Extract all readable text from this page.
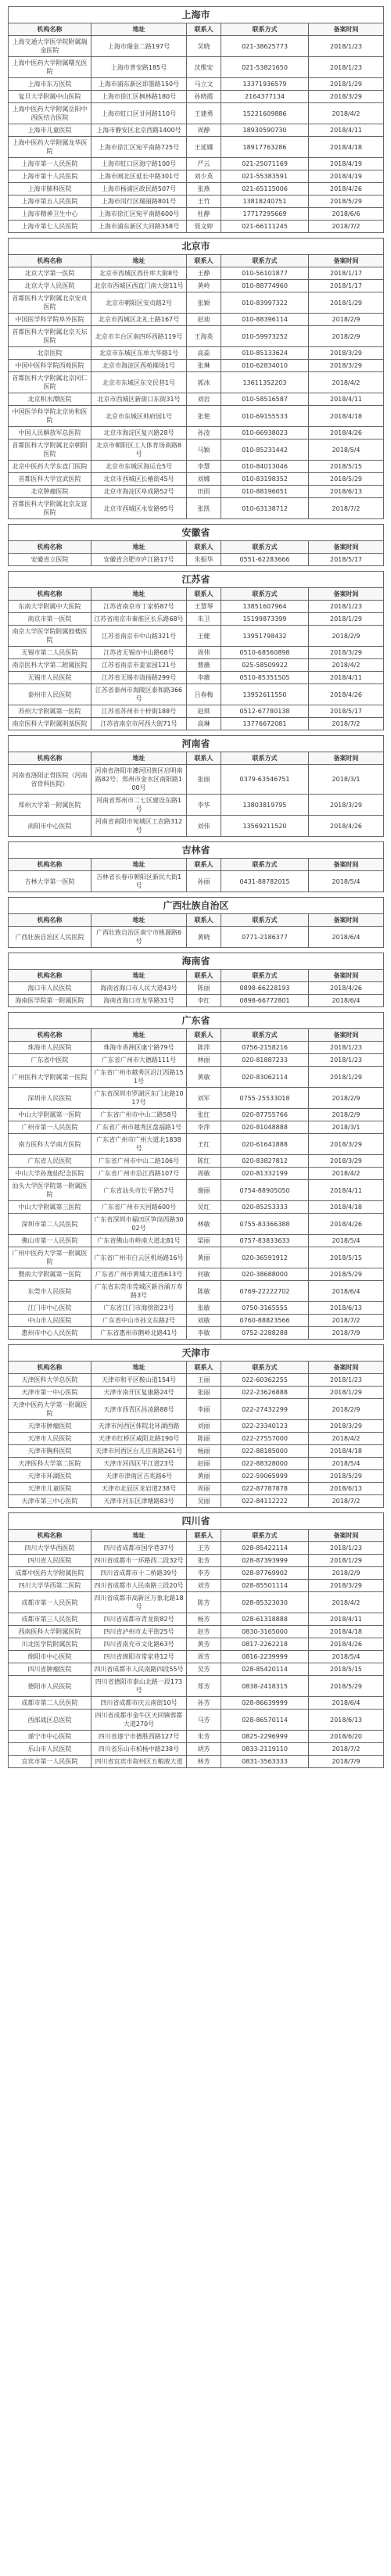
上海市				
机构名称	地址	联系人	联系方式	备案时间
上海交通大学医学院附属瑞金医院	上海市瑞金二路197号	吴晓	021-38625773	2018/1/23
上海中医药大学附属曙光医院	上海市普安路185号	沈维安	021-53821650	2018/1/23
上海市东方医院	上海市浦东新区即墨路150号	马立文	13371936579	2018/1/29
复旦大学附属中山医院	上海市徐汇区枫林路180号	孙晓霞	2164377134	2018/3/29
上海中医药大学附属岳阳中西医结合医院	上海市虹口区甘河路110号	王建勇	15221609886	2018/4/2
上海市儿童医院	上海市静安区北京西路1400号	周静	18930590730	2018/4/11
上海中医药大学附属龙华医院	上海市徐汇区宛平南路725号	王延娜	18917763286	2018/4/18
上海市第一人民医院	上海市虹口区海宁路100号	严云	021-25071169	2018/4/19
上海市第十人民医院	上海市闸北区延长中路301号	刘少英	021-55383591	2018/4/19
上海市肺科医院	上海市杨浦区政民路507号	张燕	021-65115006	2018/4/26
上海市第五人民医院	上海市闵行区瑞丽路801号	王竹	13818240751	2018/5/29
上海市精神卫生中心	上海市徐汇区宛平南路600号	杜静	17717295669	2018/6/6
上海市第七人民医院	上海市浦东新区大同路358号	聂文婷	021-66111245	2018/7/2
北京市				
机构名称	地址	联系人	联系方式	备案时间
北京大学第一医院	北京市西城区西什库大街8号	王静	010-56101877	2018/1/17
北京大学人民医院	北京市西城区西直门南大街11号	黄岭	010-88774960	2018/1/17
首都医科大学附属北京安贞医院	北京市朝阳区安贞路2号	张颖	010-83997322	2018/1/29
中国医学科学院阜外医院	北京市西城区北礼士路167号	赵迪	010-88396114	2018/2/9
首都医科大学附属北京天坛医院	北京市丰台区南四环西路119号	王海英	010-59973252	2018/2/9
北京医院	北京市东城区东单大华路1号	高蕊	010-85133624	2018/3/29
中国中医科学院西苑医院	北京市海淀区西苑操场1号	张琳	010-62834010	2018/3/29
首都医科大学附属北京同仁医院	北京市东城区东交民巷1号	郭冰	13611352203	2018/4/2
北京积水潭医院	北京市西城区新街口东街31号	刘岩	010-58516587	2018/4/11
中国医学科学院北京协和医院	北京市东城区帅府园1号	张艳	010-69155533	2018/4/18
中国人民解放军总医院	北京市海淀区复兴路28号	孙凌	010-66938023	2018/4/26
首都医科大学附属北京朝阳医院	北京市朝阳区工人体育场南路8号	马颖	010-85231442	2018/5/4
北京中医药大学东直门医院	北京市东城区海运仓5号	李慧	010-84013046	2018/5/15
首都医科大学宣武医院	北京市西城区长椿街45号	刘娜	010-83198352	2018/5/29
北京肿瘤医院	北京市海淀区阜成路52号	田雨	010-88196051	2018/6/13
首都医科大学附属北京友谊医院	北京市西城区永安路95号	张凯	010-63138712	2018/7/2
安徽省				
机构名称	地址	联系人	联系方式	备案时间
安徽省立医院	安徽省合肥市庐江路17号	朱振华	0551-62283666	2018/5/17
江苏省				
机构名称	地址	联系人	联系方式	备案时间
东南大学附属中大医院	江苏省南京市丁家桥87号	王慧琴	13851607964	2018/1/23
南京市第一医院	江苏省南京市秦淮区长乐路68号	朱卫	15199873399	2018/1/29
南京大学医学院附属鼓楼医院	江苏省南京市中山路321号	王健	13951798432	2018/2/9
无锡市第二人民医院	江苏省无锡市中山路68号	周伟	0510-68560898	2018/3/29
南京医科大学第二附属医院	江苏省南京市姜家园121号	曹薇	025-58509922	2018/4/2
无锡市人民医院	江苏省无锡市清扬路299号	李薇	0510-85351505	2018/4/11
泰州市人民医院	江苏省泰州市海陵区泰和路366号	吕春梅	13952611550	2018/4/26
苏州大学附属第一医院	江苏省苏州市十梓街188号	赵琪	0512-67780138	2018/5/17
南京医科大学附属明基医院	江苏省南京市河西大街71号	高琳	13776672081	2018/7/2
河南省				
机构名称	地址	联系人	联系方式	备案时间
河南省洛阳正骨医院（河南省骨科医院）	河南省洛阳市瀍河回族区启明南路82号；郑州市金水区南阳路100号	张丽	0379-63546751	2018/3/1
郑州大学第一附属医院	河南省郑州市二七区建设东路1号	李华	13803819795	2018/3/29
南阳市中心医院	河南省南阳市宛城区工农路312号	刘伟	13569211520	2018/4/26
吉林省				
机构名称	地址	联系人	联系方式	备案时间
吉林大学第一医院	吉林省长春市朝阳区新民大街1号	孙丽	0431-88782015	2018/5/4
广西壮族自治区				
机构名称	地址	联系人	联系方式	备案时间
广西壮族自治区人民医院	广西壮族自治区南宁市桃源路6号	黄晓	0771-2186377	2018/6/4
海南省				
机构名称	地址	联系人	联系方式	备案时间
海口市人民医院	海南省海口市人民大道43号	陈丽	0898-66228193	2018/4/26
海南医学院第一附属医院	海南省海口市龙华路31号	李红	0898-66772801	2018/6/4
广东省				
机构名称	地址	联系人	联系方式	备案时间
珠海市人民医院	珠海市香洲区康宁路79号	陈萍	0756-2158216	2018/1/23
广东省中医院	广东省广州市大德路111号	林丽	020-81887233	2018/1/23
广州医科大学附属第一医院	广东省广州市越秀区沿江西路151号	黄敏	020-83062114	2018/1/29
深圳市人民医院	广东省深圳市罗湖区东门北路1017号	刘军	0755-25533018	2018/2/9
中山大学附属第一医院	广东省广州市中山二路58号	张红	020-87755766	2018/2/9
广州市第一人民医院	广东省广州市越秀区盘福路1号	李萍	020-81048888	2018/3/1
南方医科大学南方医院	广东省广州市广州大道北1838号	王红	020-61641888	2018/3/29
广东省人民医院	广东省广州市中山二路106号	陈红	020-83827812	2018/3/29
中山大学孙逸仙纪念医院	广东省广州市沿江西路107号	周敏	020-81332199	2018/4/2
汕头大学医学院第一附属医院	广东省汕头市长平路57号	谢丽	0754-88905050	2018/4/11
中山大学附属第三医院	广东省广州市天河路600号	吴红	020-85253333	2018/4/18
深圳市第二人民医院	广东省深圳市福田区笋岗西路3002号	林敏	0755-83366388	2018/4/26
佛山市第一人民医院	广东省佛山市岭南大道北81号	梁丽	0757-83833633	2018/5/4
广州中医药大学第一附属医院	广东省广州市白云区机场路16号	黄丽	020-36591912	2018/5/15
暨南大学附属第一医院	广东省广州市黄埔大道西613号	何敏	020-38688000	2018/5/29
东莞市人民医院	广东省东莞市莞城区新谷涌万寿路3号	陈敏	0769-22222702	2018/6/4
江门市中心医院	广东省江门市海傍街23号	张敏	0750-3165555	2018/6/13
中山市人民医院	广东省中山市孙文东路2号	刘敏	0760-88823566	2018/7/2
惠州市中心人民医院	广东省惠州市鹅岭北路41号	李敏	0752-2288288	2018/7/9
天津市				
机构名称	地址	联系人	联系方式	备案时间
天津医科大学总医院	天津市和平区鞍山道154号	王丽	022-60362255	2018/1/23
天津市第一中心医院	天津市南开区复康路24号	张丽	022-23626888	2018/1/29
天津中医药大学第一附属医院	天津市西青区昌凌路88号	李丽	022-27432299	2018/2/9
天津市肿瘤医院	天津市河西区体院北环湖西路	刘丽	022-23340123	2018/3/29
天津市人民医院	天津市红桥区咸阳北路190号	陈丽	022-27557000	2018/4/2
天津市胸科医院	天津市河西区台儿庄南路261号	杨丽	022-88185000	2018/4/18
天津医科大学第二医院	天津市河西区平江道23号	赵丽	022-88328000	2018/5/4
天津市环湖医院	天津市津南区吉兆路6号	黄丽	022-59065999	2018/5/29
天津市儿童医院	天津市北辰区龙岩道238号	周丽	022-87787878	2018/6/13
天津市第三中心医院	天津市河东区津塘路83号	吴丽	022-84112222	2018/7/2
四川省				
机构名称	地址	联系人	联系方式	备案时间
四川大学华西医院	四川省成都市国学巷37号	王芳	028-85422114	2018/1/23
四川省人民医院	四川省成都市一环路西二段32号	张芳	028-87393999	2018/1/29
成都中医药大学附属医院	四川省成都市十二桥路39号	李芳	028-87769902	2018/2/9
四川大学华西第二医院	四川省成都市人民南路三段20号	刘芳	028-85501114	2018/3/29
成都市第一人民医院	四川省成都市高新区万象北路18号	陈芳	028-85323030	2018/4/2
成都市第三人民医院	四川省成都市青龙街82号	杨芳	028-61318888	2018/4/11
西南医科大学附属医院	四川省泸州市太平街25号	赵芳	0830-3165000	2018/4/18
川北医学院附属医院	四川省南充市文化路63号	黄芳	0817-2262218	2018/4/26
绵阳市中心医院	四川省绵阳市常家巷12号	周芳	0816-2239999	2018/5/4
四川省肿瘤医院	四川省成都市人民南路四段55号	吴芳	028-85420114	2018/5/15
德阳市人民医院	四川省德阳市泰山北路一段173号	郑芳	0838-2418315	2018/5/29
成都市第二人民医院	四川省成都市庆云南街10号	孙芳	028-86639999	2018/6/4
西部战区总医院	四川省成都市金牛区天回镇蓉都大道270号	马芳	028-86570114	2018/6/13
遂宁市中心医院	四川省遂宁市德胜西路127号	朱芳	0825-2296999	2018/6/20
乐山市人民医院	四川省乐山市柏杨中路238号	胡芳	0833-2119110	2018/7/2
宜宾市第一人民医院	四川省宜宾市叙州区五粮液大道	林芳	0831-3563333	2018/7/9
